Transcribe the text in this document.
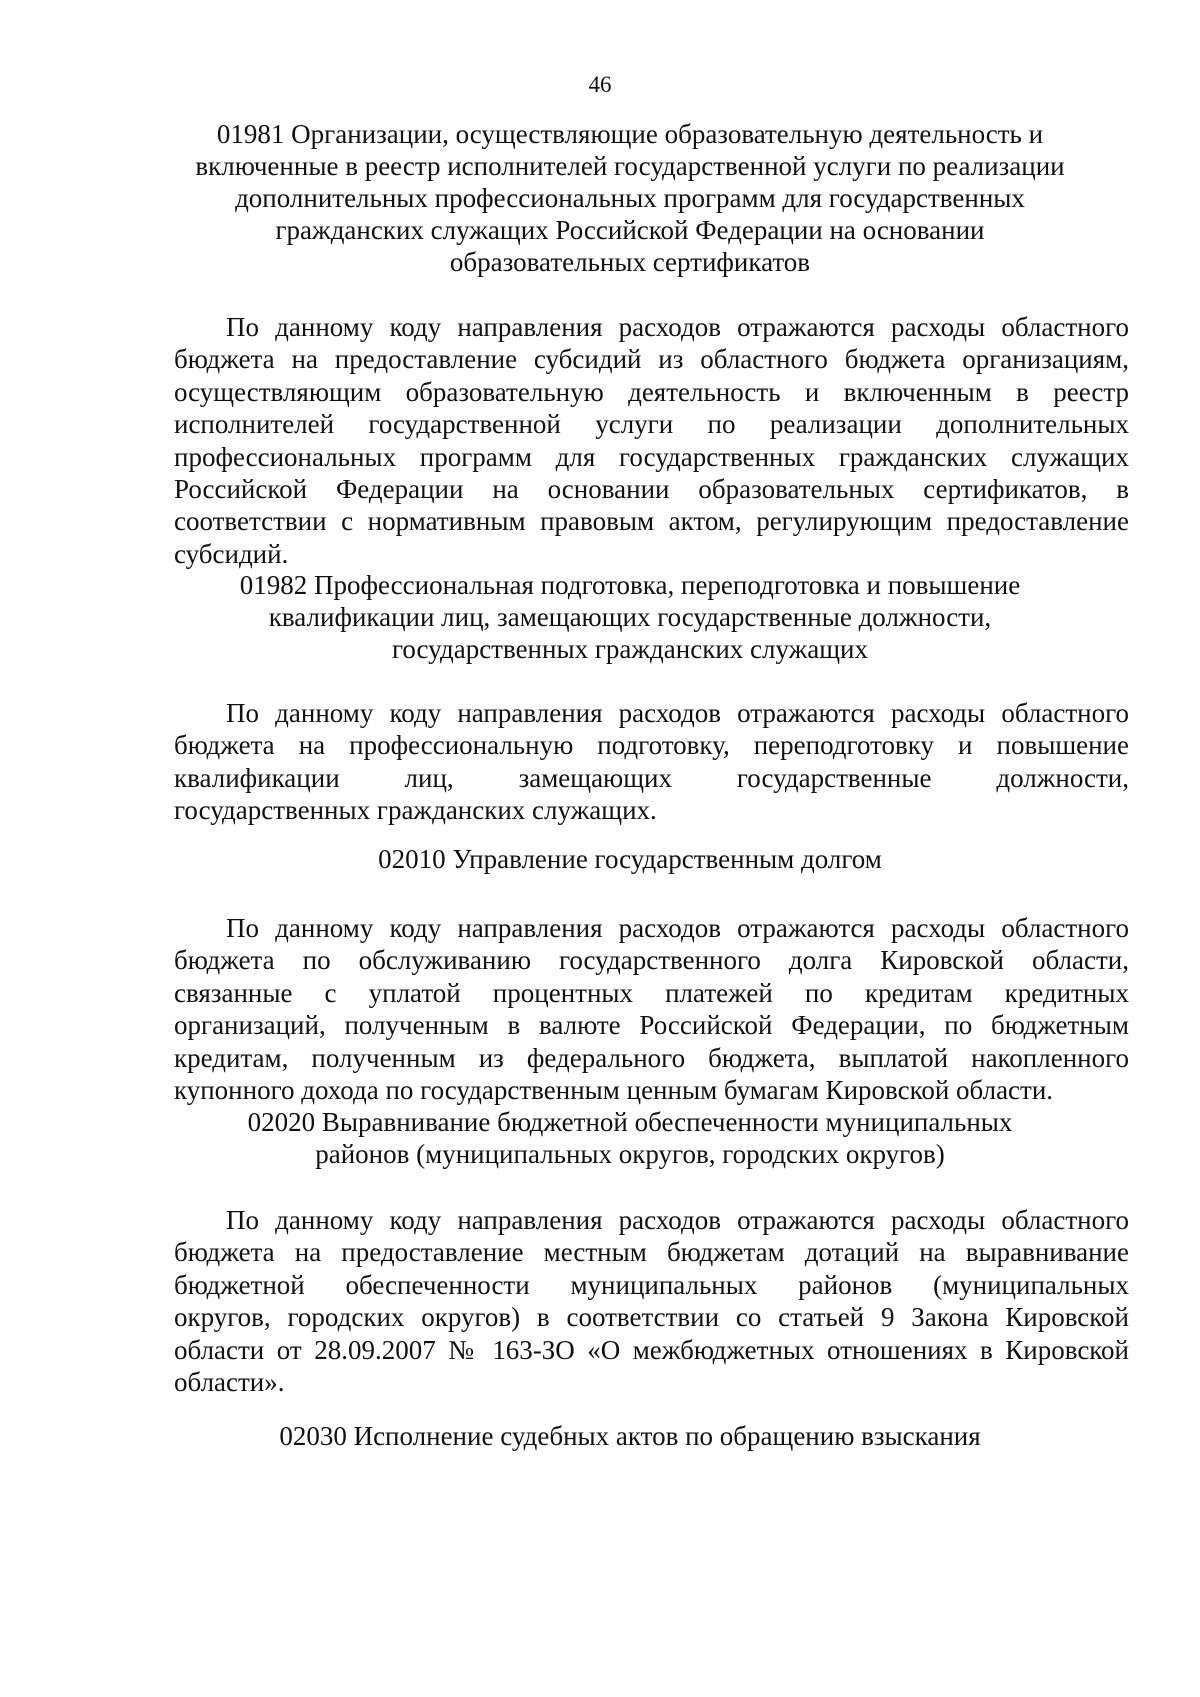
46
01981 Организации, осуществляющие образовательную деятельность и
включенные в реестр исполнителей государственной услуги по реализации
дополнительных профессиональных программ для государственных
гражданских служащих Российской Федерации на основании
образовательных сертификатов
По данному коду направления расходов отражаются расходы областного
бюджета на предоставление субсидий из областного бюджета организациям,
осуществляющим образовательную деятельность и включенным в реестр
исполнителей государственной услуги по реализации дополнительных
профессиональных программ для государственных гражданских служащих
Российской Федерации на основании образовательных сертификатов, в
соответствии с нормативным правовым актом, регулирующим предоставление
субсидий.
01982 Профессиональная подготовка, переподготовка и повышение
квалификации лиц, замещающих государственные должности,
государственных гражданских служащих
По данному коду направления расходов отражаются расходы областного
бюджета на профессиональную подготовку, переподготовку и повышение
квалификации лиц, замещающих государственные должности,
государственных гражданских служащих.
02010 Управление государственным долгом
По данному коду направления расходов отражаются расходы областного
бюджета по обслуживанию государственного долга Кировской области,
связанные с уплатой процентных платежей по кредитам кредитных
организаций, полученным в валюте Российской Федерации, по бюджетным
кредитам, полученным из федерального бюджета, выплатой накопленного
купонного дохода по государственным ценным бумагам Кировской области.
02020 Выравнивание бюджетной обеспеченности муниципальных
районов (муниципальных округов, городских округов)
По данному коду направления расходов отражаются расходы областного
бюджета на предоставление местным бюджетам дотаций на выравнивание
бюджетной обеспеченности муниципальных районов (муниципальных
округов, городских округов) в соответствии со статьей 9 Закона Кировской
области от 28.09.2007 № 163-ЗО «О межбюджетных отношениях в Кировской
области».
02030 Исполнение судебных актов по обращению взыскания
